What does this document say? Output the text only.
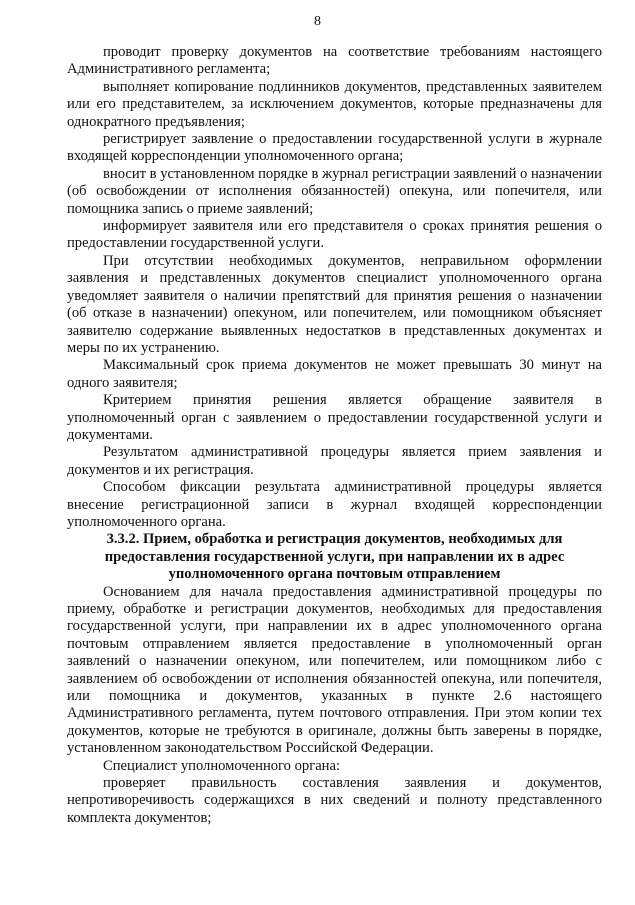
8

проводит проверку документов на соответствие требованиям настоящего Административного регламента;

выполняет копирование подлинников документов, представленных заявителем или его представителем, за исключением документов, которые предназначены для однократного предъявления;

регистрирует заявление о предоставлении государственной услуги в журнале входящей корреспонденции уполномоченного органа;

вносит в установленном порядке в журнал регистрации заявлений о назначении (об освобождении от исполнения обязанностей) опекуна, или попечителя, или помощника запись о приеме заявлений;

информирует заявителя или его представителя о сроках принятия решения о предоставлении государственной услуги.

При отсутствии необходимых документов, неправильном оформлении заявления и представленных документов специалист уполномоченного органа уведомляет заявителя о наличии препятствий для принятия решения о назначении (об отказе в назначении) опекуном, или попечителем, или помощником объясняет заявителю содержание выявленных недостатков в представленных документах и меры по их устранению.

Максимальный срок приема документов не может превышать 30 минут на одного заявителя;

Критерием принятия решения является обращение заявителя в уполномоченный орган с заявлением о предоставлении государственной услуги и документами.

Результатом административной процедуры является прием заявления и документов и их регистрация.

Способом фиксации результата административной процедуры является внесение регистрационной записи в журнал входящей корреспонденции уполномоченного органа.

3.3.2. Прием, обработка и регистрация документов, необходимых для предоставления государственной услуги, при направлении их в адрес уполномоченного органа почтовым отправлением

Основанием для начала предоставления административной процедуры по приему, обработке и регистрации документов, необходимых для предоставления государственной услуги, при направлении их в адрес уполномоченного органа почтовым отправлением является предоставление в уполномоченный орган заявлений о назначении опекуном, или попечителем, или помощником либо с заявлением об освобождении от исполнения обязанностей опекуна, или попечителя, или помощника и документов, указанных в пункте 2.6 настоящего Административного регламента, путем почтового отправления. При этом копии тех документов, которые не требуются в оригинале, должны быть заверены в порядке, установленном законодательством Российской Федерации.

Специалист уполномоченного органа:

проверяет правильность составления заявления и документов, непротиворечивость содержащихся в них сведений и полноту представленного комплекта документов;
